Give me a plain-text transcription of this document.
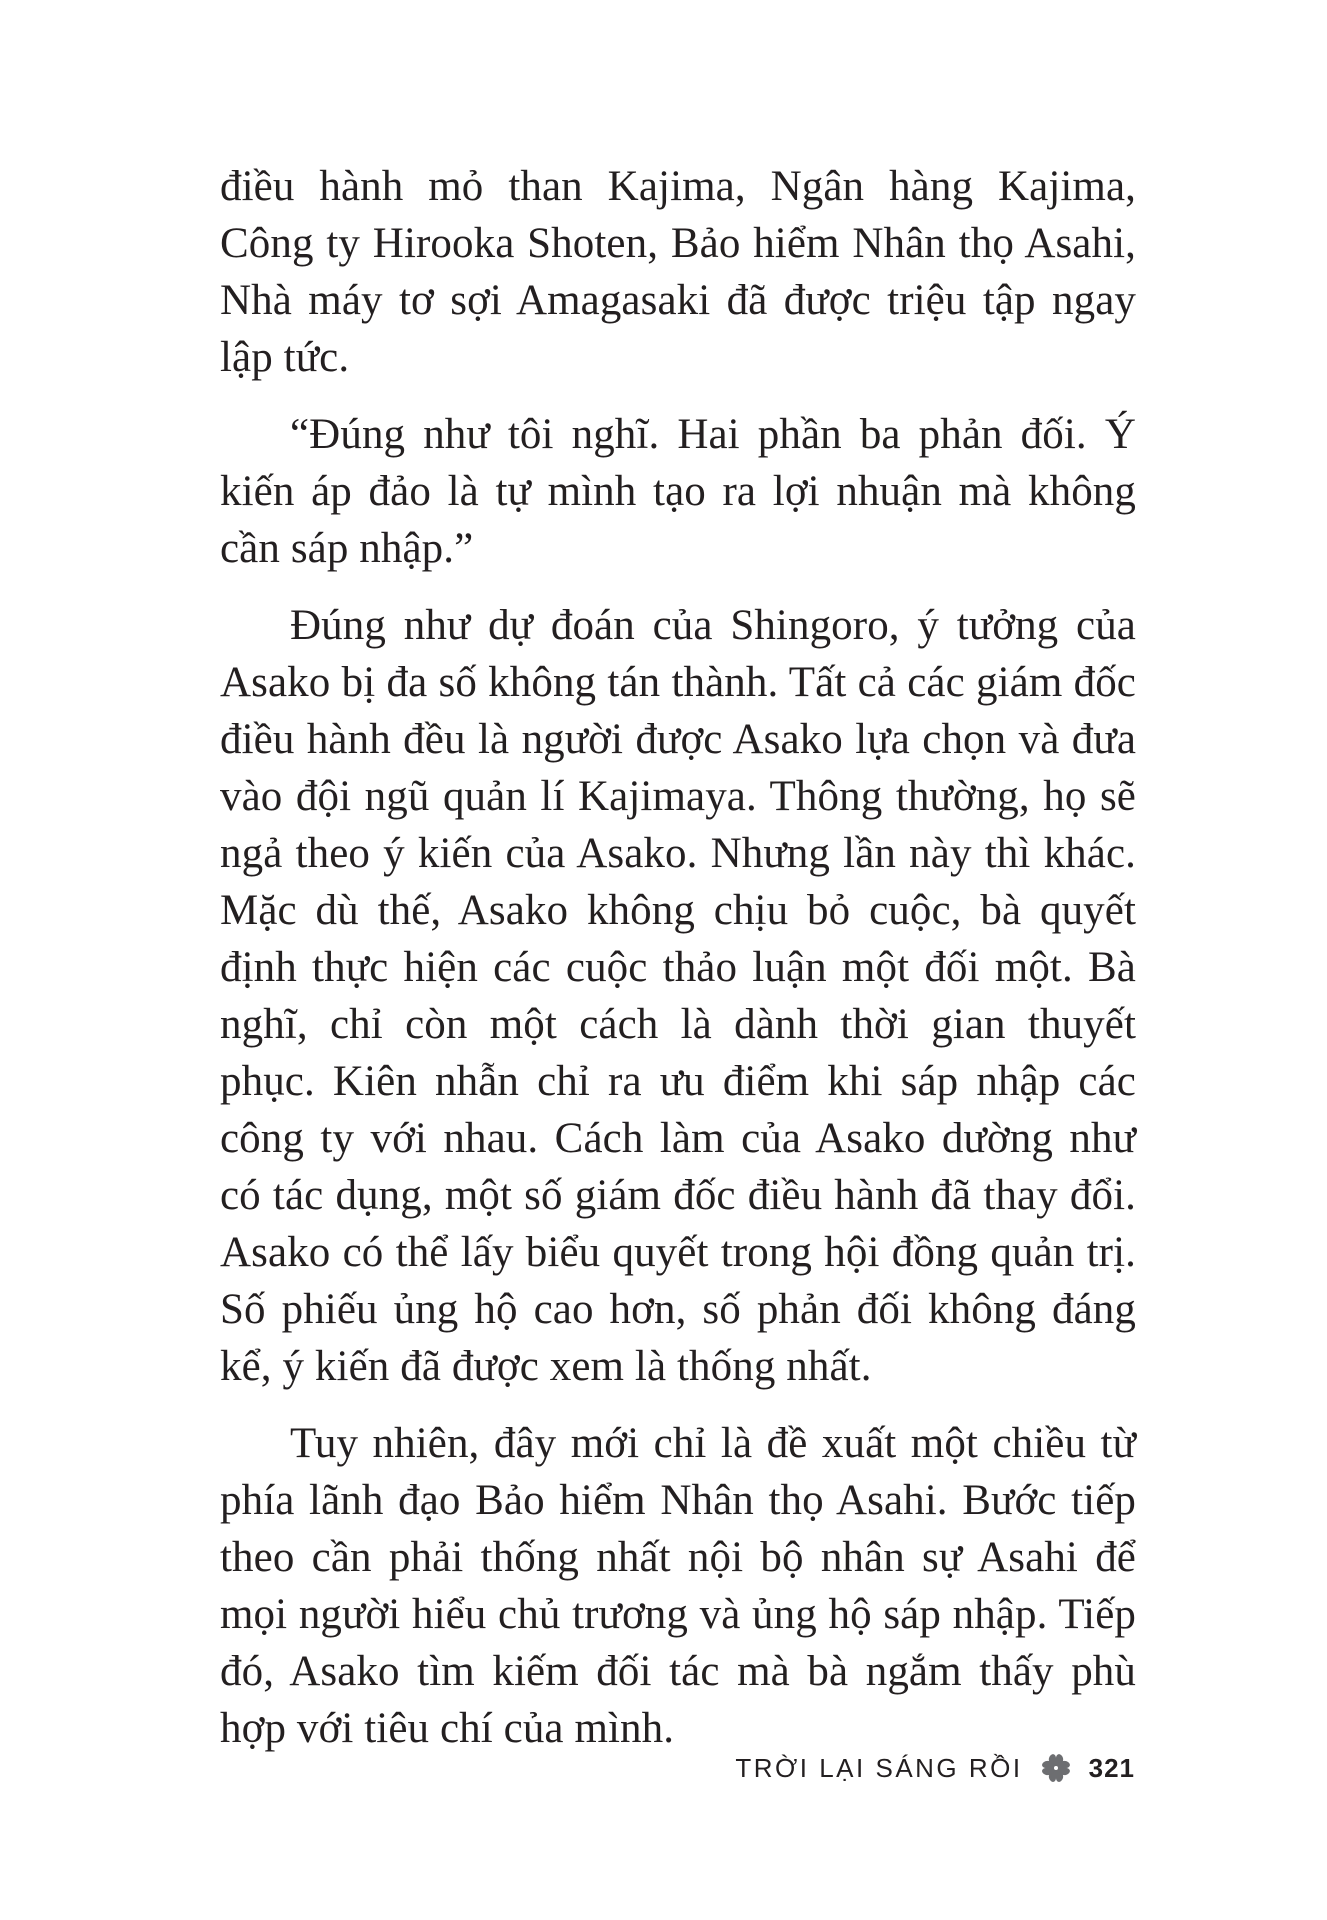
điều hành mỏ than Kajima, Ngân hàng Kajima, Công ty Hirooka Shoten, Bảo hiểm Nhân thọ Asahi, Nhà máy tơ sợi Amagasaki đã được triệu tập ngay lập tức.

“Đúng như tôi nghĩ. Hai phần ba phản đối. Ý kiến áp đảo là tự mình tạo ra lợi nhuận mà không cần sáp nhập.”

Đúng như dự đoán của Shingoro, ý tưởng của Asako bị đa số không tán thành. Tất cả các giám đốc điều hành đều là người được Asako lựa chọn và đưa vào đội ngũ quản lí Kajimaya. Thông thường, họ sẽ ngả theo ý kiến của Asako. Nhưng lần này thì khác. Mặc dù thế, Asako không chịu bỏ cuộc, bà quyết định thực hiện các cuộc thảo luận một đối một. Bà nghĩ, chỉ còn một cách là dành thời gian thuyết phục. Kiên nhẫn chỉ ra ưu điểm khi sáp nhập các công ty với nhau. Cách làm của Asako dường như có tác dụng, một số giám đốc điều hành đã thay đổi. Asako có thể lấy biểu quyết trong hội đồng quản trị. Số phiếu ủng hộ cao hơn, số phản đối không đáng kể, ý kiến đã được xem là thống nhất.

Tuy nhiên, đây mới chỉ là đề xuất một chiều từ phía lãnh đạo Bảo hiểm Nhân thọ Asahi. Bước tiếp theo cần phải thống nhất nội bộ nhân sự Asahi để mọi người hiểu chủ trương và ủng hộ sáp nhập. Tiếp đó, Asako tìm kiếm đối tác mà bà ngắm thấy phù hợp với tiêu chí của mình.

TRỜI LẠI SÁNG RỒI	321
